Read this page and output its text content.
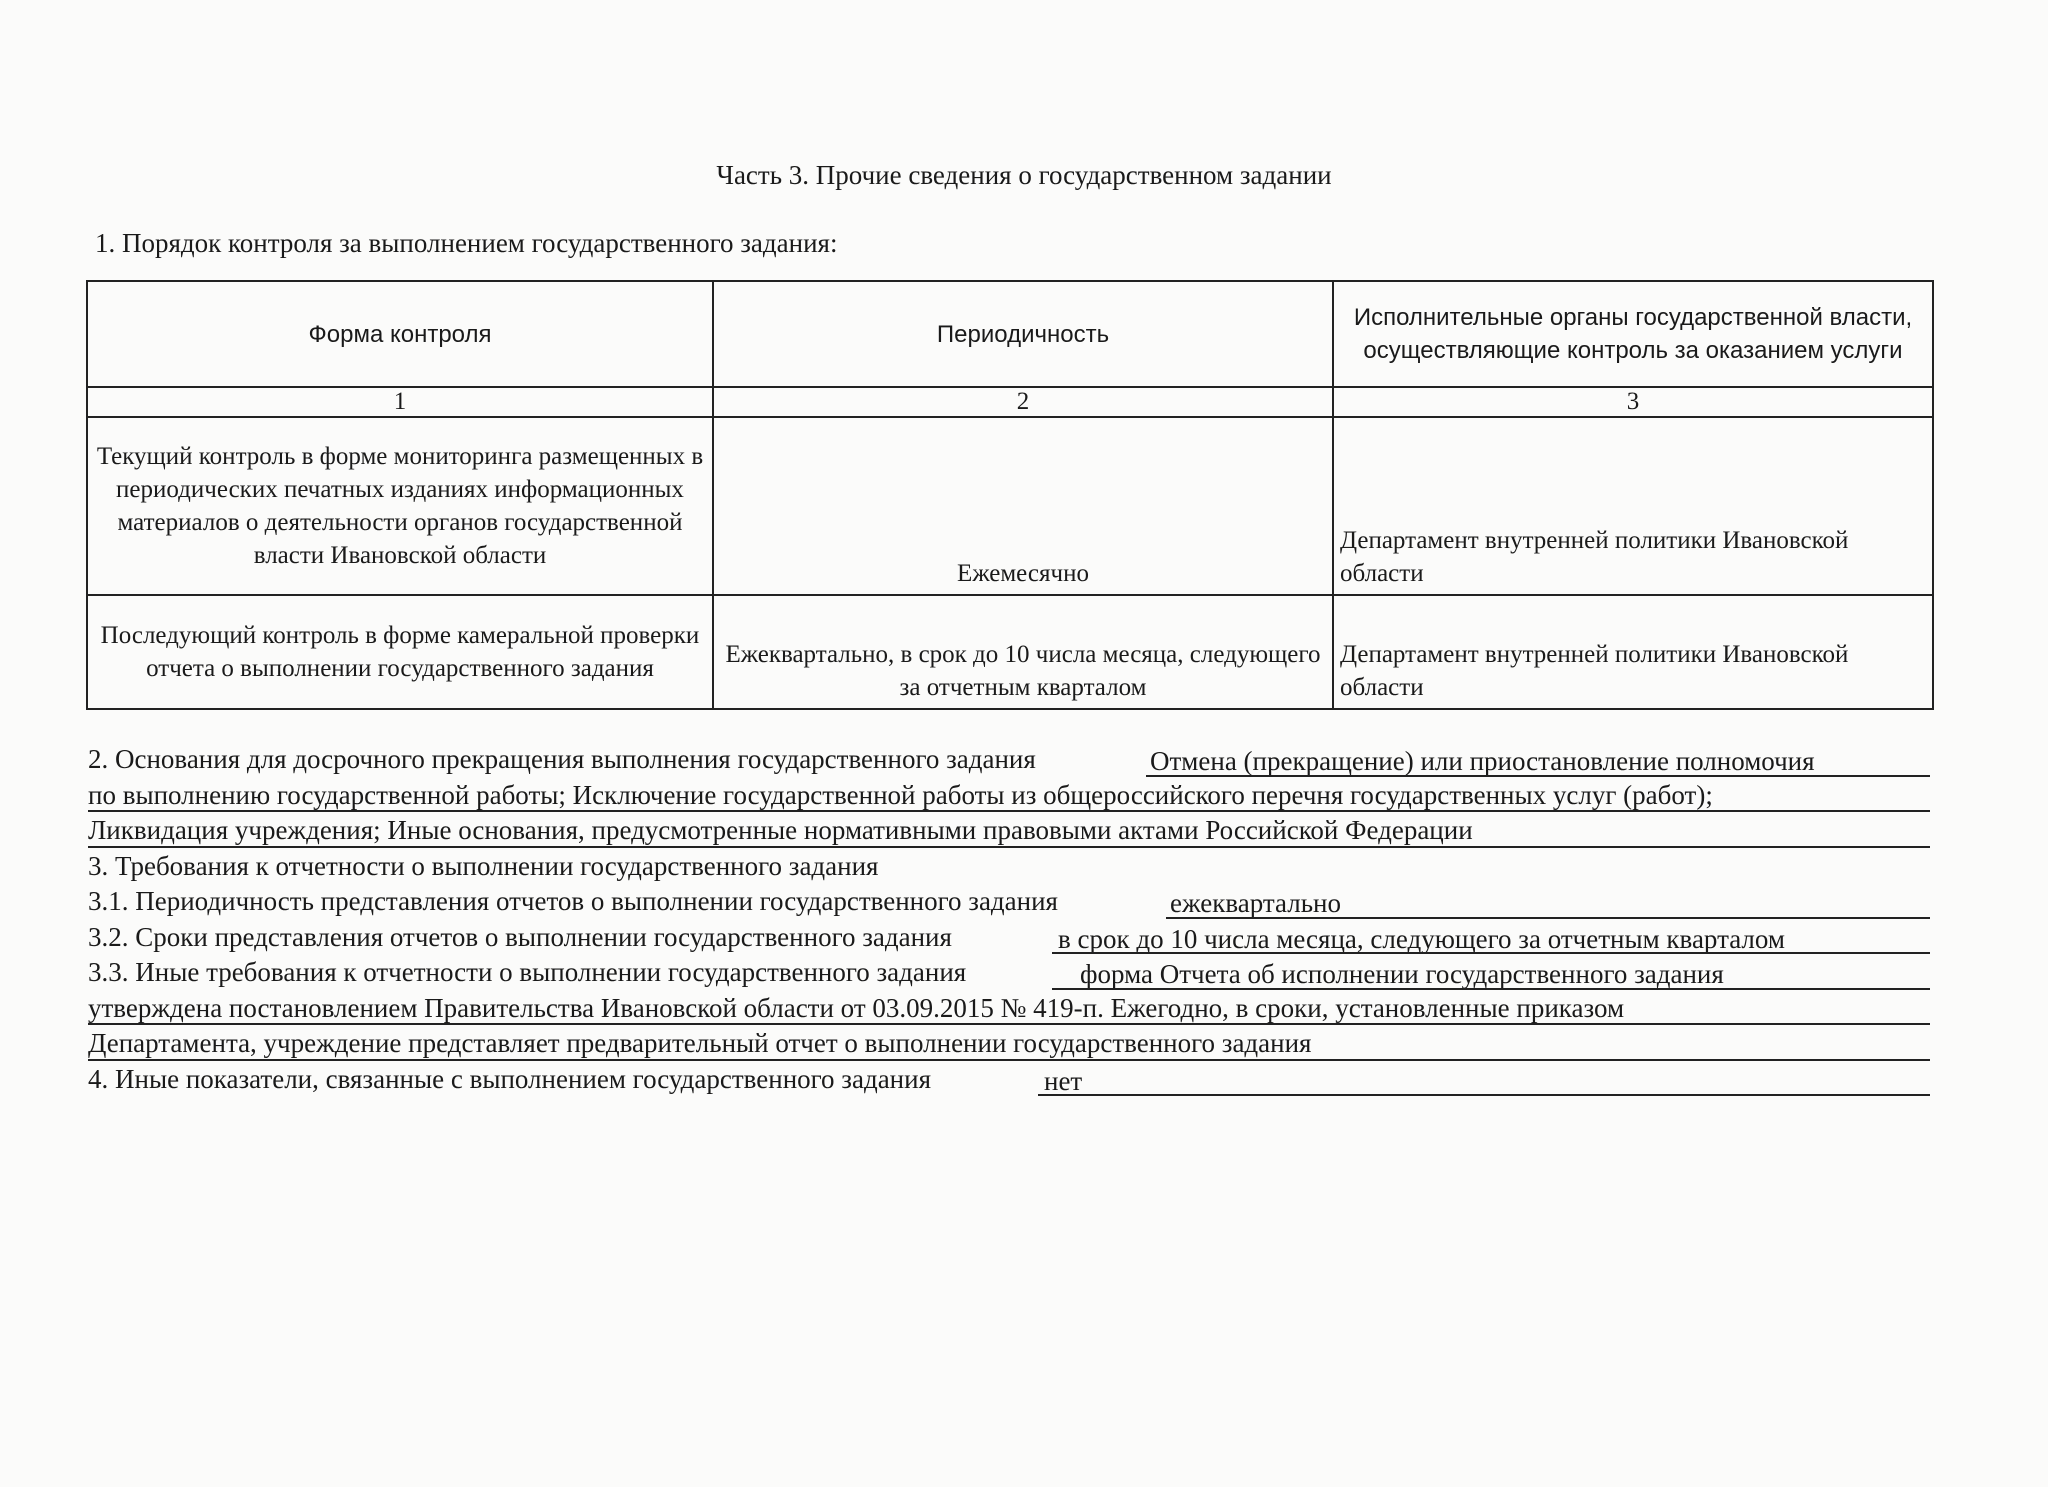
Часть 3. Прочие сведения о государственном задании
1. Порядок контроля за выполнением государственного задания:
Форма контроля	Периодичность	Исполнительные органы государственной власти, осуществляющие контроль за оказанием услуги
1	2	3
Текущий контроль в форме мониторинга размещенных в периодических печатных изданиях информационных материалов о деятельности органов государственной власти Ивановской области	Ежемесячно	Департамент внутренней политики Ивановской области
Последующий контроль в форме камеральной проверки отчета о выполнении государственного задания	Ежеквартально, в срок до 10 числа месяца, следующего за отчетным кварталом	Департамент внутренней политики Ивановской области
2. Основания для досрочного прекращения выполнения государственного задания	Отмена (прекращение) или приостановление полномочия
по выполнению государственной работы; Исключение государственной работы из общероссийского перечня государственных услуг (работ);
Ликвидация учреждения; Иные основания, предусмотренные нормативными правовыми актами Российской Федерации
3. Требования к отчетности о выполнении государственного задания
3.1. Периодичность представления отчетов о выполнении государственного задания	ежеквартально
3.2. Сроки представления отчетов о выполнении государственного задания	в срок до 10 числа месяца, следующего за отчетным кварталом
3.3. Иные требования к отчетности о выполнении государственного задания	форма Отчета об исполнении государственного задания
утверждена постановлением Правительства Ивановской области от 03.09.2015 № 419-п. Ежегодно, в сроки, установленные приказом
Департамента, учреждение представляет предварительный отчет о выполнении государственного задания
4. Иные показатели, связанные с выполнением государственного задания	нет
